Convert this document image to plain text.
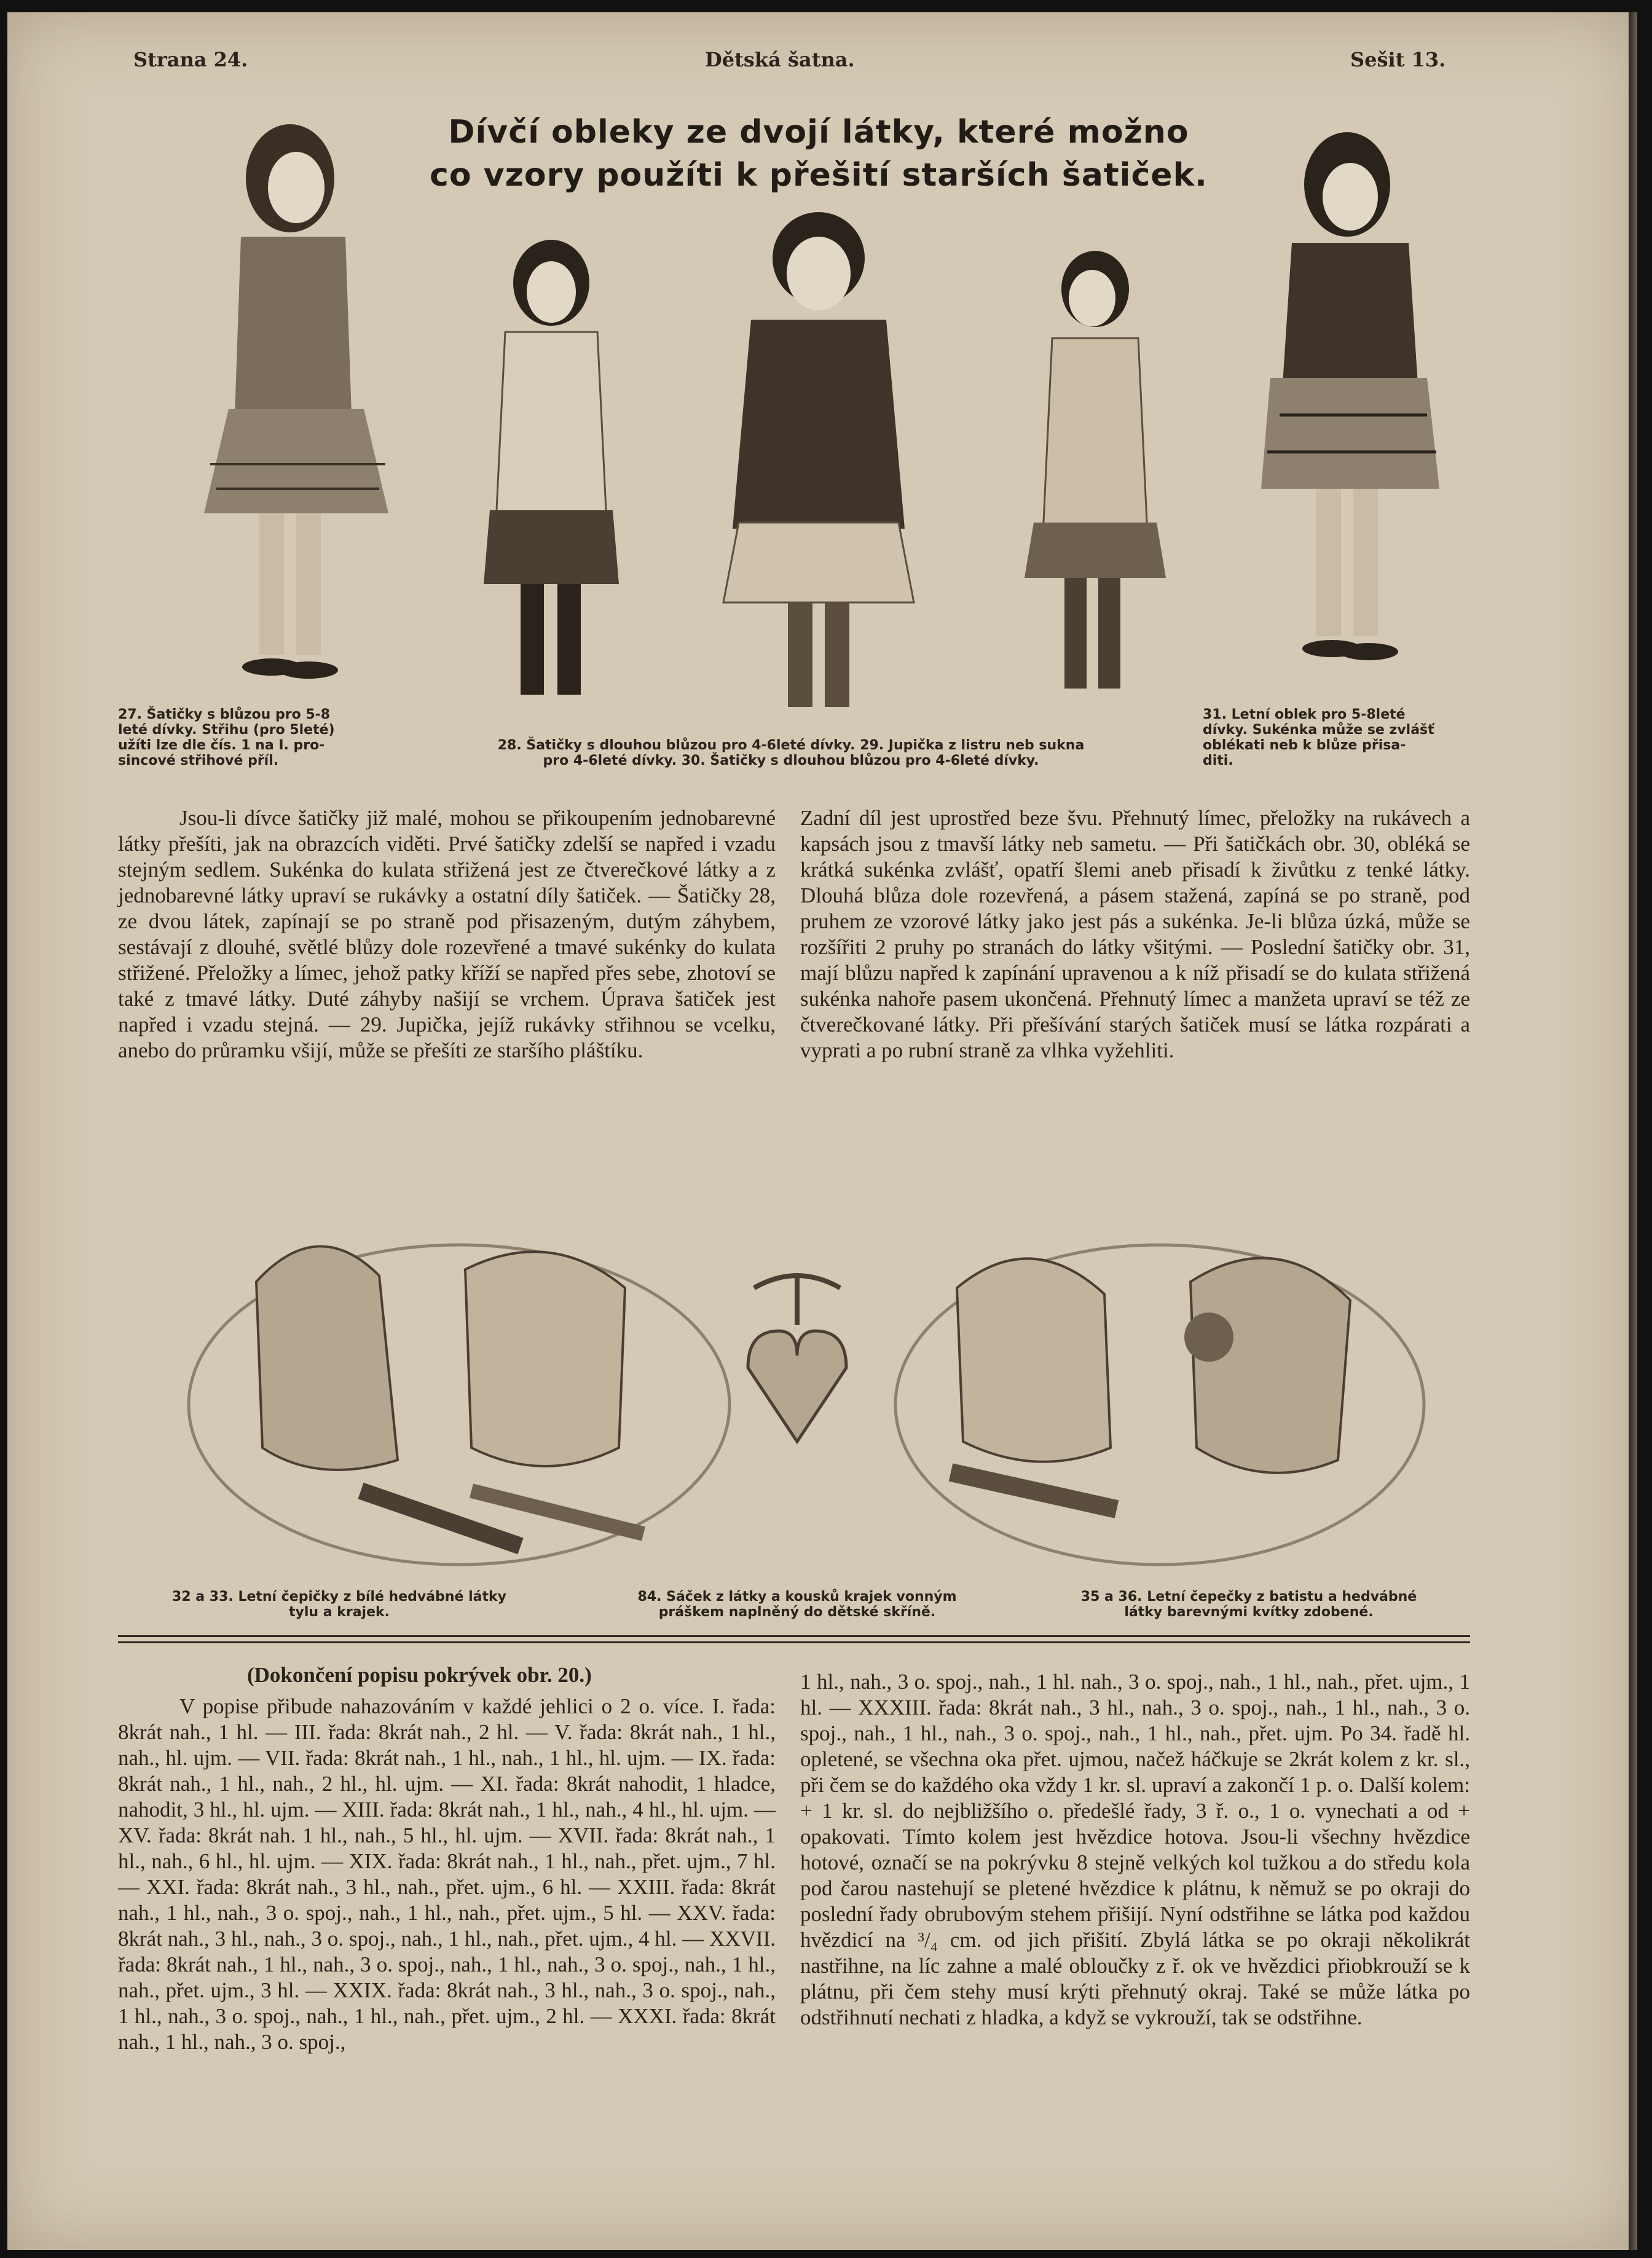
Strana 24.	Dětská šatna.	Sešit 13.
Dívčí obleky ze dvojí látky, které možno
co vzory použíti k přešití starších šatiček.
27. Šatičky s blůzou pro 5-8
leté dívky. Střihu (pro 5leté)
užíti lze dle čís. 1 na I. pro-
sincové střihové příl.
28. Šatičky s dlouhou blůzou pro 4-6leté dívky. 29. Jupička z listru neb sukna
pro 4-6leté dívky. 30. Šatičky s dlouhou blůzou pro 4-6leté dívky.
31. Letní oblek pro 5-8leté
dívky. Sukénka může se zvlášť
oblékati neb k blůze přisa-
diti.

Jsou-li dívce šatičky již malé, mohou se přikoupením jednobarevné látky přešíti, jak na obrazcích viděti. Prvé šatičky zdelší se napřed i vzadu stejným sedlem. Sukénka do kulata střižená jest ze čtverečkové látky a z jednobarevné látky upraví se rukávky a ostatní díly šatiček. — Šatičky 28, ze dvou látek, zapínají se po straně pod přisazeným, dutým záhybem, sestávají z dlouhé, světlé blůzy dole rozevřené a tmavé sukénky do kulata střižené. Přeložky a límec, jehož patky kříží se napřed přes sebe, zhotoví se také z tmavé látky. Duté záhyby našijí se vrchem. Úprava šatiček jest napřed i vzadu stejná. — 29. Jupička, jejíž rukávky střihnou se vcelku, anebo do průramku všijí, může se přešíti ze staršího pláštíku.

Zadní díl jest uprostřed beze švu. Přehnutý límec, přeložky na rukávech a kapsách jsou z tmavší látky neb sametu. — Při šatičkách obr. 30, obléká se krátká sukénka zvlášť, opatří šlemi aneb přisadí k živůtku z tenké látky. Dlouhá blůza dole rozevřená, a pásem stažená, zapíná se po straně, pod pruhem ze vzorové látky jako jest pás a sukénka. Je-li blůza úzká, může se rozšířiti 2 pruhy po stranách do látky všitými. — Poslední šatičky obr. 31, mají blůzu napřed k zapínání upravenou a k níž přisadí se do kulata střižená sukénka nahoře pasem ukončená. Přehnutý límec a manžeta upraví se též ze čtverečkované látky. Při přešívání starých šatiček musí se látka rozpárati a vyprati a po rubní straně za vlhka vyžehliti.

32 a 33. Letní čepičky z bílé hedvábné látky
tylu a krajek.
84. Sáček z látky a kousků krajek vonným
práškem naplněný do dětské skříně.
35 a 36. Letní čepečky z batistu a hedvábné
látky barevnými kvítky zdobené.
(Dokončení popisu pokrývek obr. 20.)

V popise přibude nahazováním v každé jehlici o 2 o. více. I. řada: 8krát nah., 1 hl. — III. řada: 8krát nah., 2 hl. — V. řada: 8krát nah., 1 hl., nah., hl. ujm. — VII. řada: 8krát nah., 1 hl., nah., 1 hl., hl. ujm. — IX. řada: 8krát nah., 1 hl., nah., 2 hl., hl. ujm. — XI. řada: 8krát nahodit, 1 hladce, nahodit, 3 hl., hl. ujm. — XIII. řada: 8krát nah., 1 hl., nah., 4 hl., hl. ujm. — XV. řada: 8krát nah. 1 hl., nah., 5 hl., hl. ujm. — XVII. řada: 8krát nah., 1 hl., nah., 6 hl., hl. ujm. — XIX. řada: 8krát nah., 1 hl., nah., přet. ujm., 7 hl. — XXI. řada: 8krát nah., 3 hl., nah., přet. ujm., 6 hl. — XXIII. řada: 8krát nah., 1 hl., nah., 3 o. spoj., nah., 1 hl., nah., přet. ujm., 5 hl. — XXV. řada: 8krát nah., 3 hl., nah., 3 o. spoj., nah., 1 hl., nah., přet. ujm., 4 hl. — XXVII. řada: 8krát nah., 1 hl., nah., 3 o. spoj., nah., 1 hl., nah., 3 o. spoj., nah., 1 hl., nah., přet. ujm., 3 hl. — XXIX. řada: 8krát nah., 3 hl., nah., 3 o. spoj., nah., 1 hl., nah., 3 o. spoj., nah., 1 hl., nah., přet. ujm., 2 hl. — XXXI. řada: 8krát nah., 1 hl., nah., 3 o. spoj.,

1 hl., nah., 3 o. spoj., nah., 1 hl. nah., 3 o. spoj., nah., 1 hl., nah., přet. ujm., 1 hl. — XXXIII. řada: 8krát nah., 3 hl., nah., 3 o. spoj., nah., 1 hl., nah., 3 o. spoj., nah., 1 hl., nah., 3 o. spoj., nah., 1 hl., nah., přet. ujm. Po 34. řadě hl. opletené, se všechna oka přet. ujmou, načež háčkuje se 2krát kolem z kr. sl., při čem se do každého oka vždy 1 kr. sl. upraví a zakončí 1 p. o. Další kolem: + 1 kr. sl. do nejbližšího o. předešlé řady, 3 ř. o., 1 o. vynechati a od + opakovati. Tímto kolem jest hvězdice hotova. Jsou-li všechny hvězdice hotové, označí se na pokrývku 8 stejně velkých kol tužkou a do středu kola pod čarou nastehují se pletené hvězdice k plátnu, k němuž se po okraji do poslední řady obrubovým stehem přišijí. Nyní odstřihne se látka pod každou hvězdicí na ³/₄ cm. od jich přišití. Zbylá látka se po okraji několikrát nastřihne, na líc zahne a malé obloučky z ř. ok ve hvězdici přiobkrouží se k plátnu, při čem stehy musí krýti přehnutý okraj. Také se může látka po odstřihnutí nechati z hladka, a když se vykrouží, tak se odstřihne.
